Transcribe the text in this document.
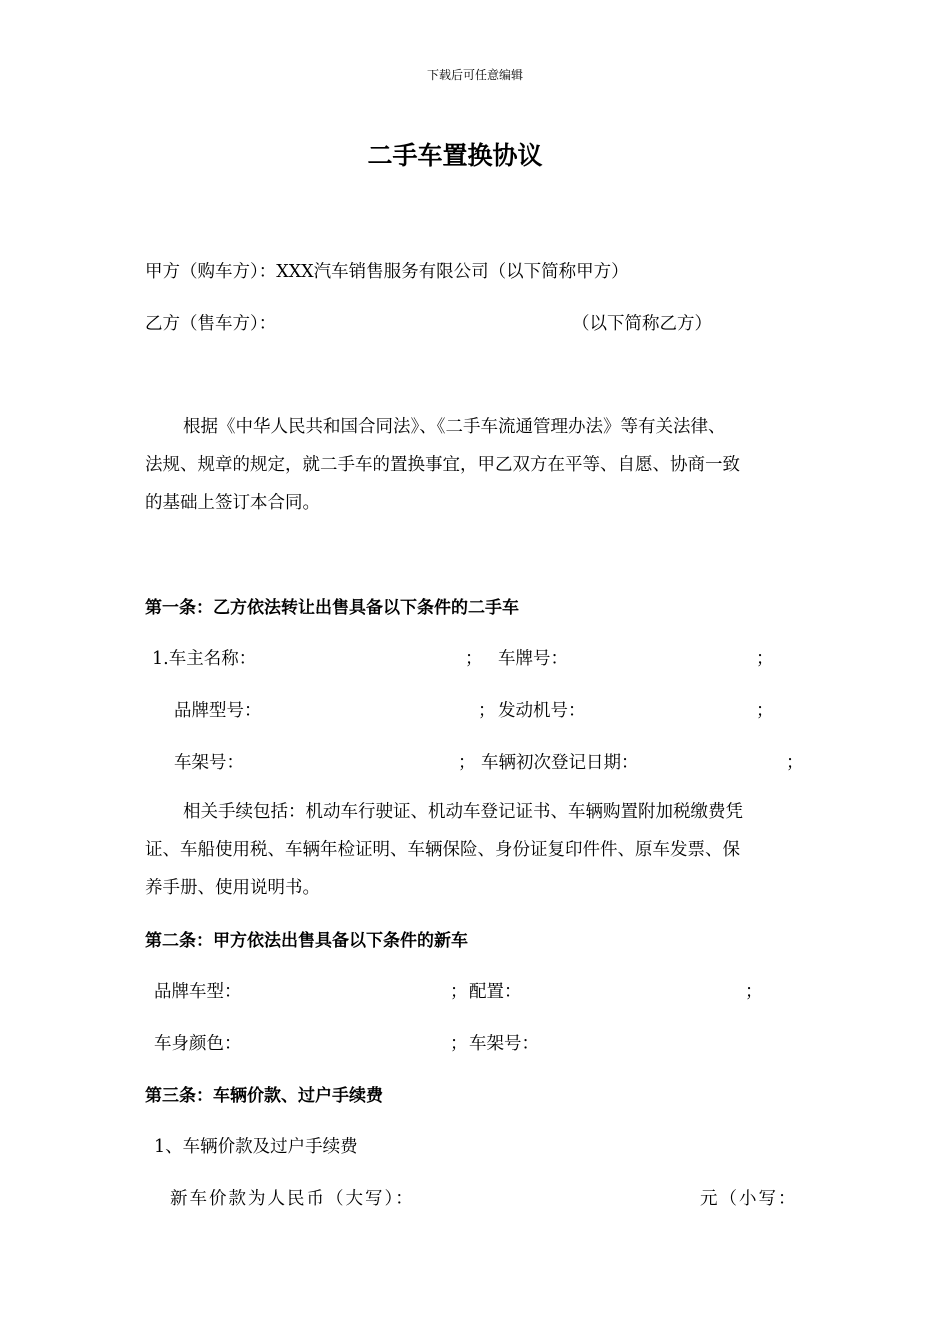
下载后可任意编辑
二手车置换协议
甲方（购车方）：XXX汽车销售服务有限公司（以下简称甲方）
乙方（售车方）：	（以下简称乙方）
根据《中华人民共和国合同法》、《二手车流通管理办法》等有关法律、
法规、规章的规定，就二手车的置换事宜，甲乙双方在平等、自愿、协商一致
的基础上签订本合同。
第一条：乙方依法转让出售具备以下条件的二手车
1.车主名称：	； 车牌号：	；
品牌型号：	； 发动机号：	；
车架号：	； 车辆初次登记日期：	；
相关手续包括：机动车行驶证、机动车登记证书、车辆购置附加税缴费凭
证、车船使用税、车辆年检证明、车辆保险、身份证复印件件、原车发票、保
养手册、使用说明书。
第二条：甲方依法出售具备以下条件的新车
品牌车型：	； 配置：	；
车身颜色：	； 车架号：
第三条：车辆价款、过户手续费
1、车辆价款及过户手续费
新车价款为人民币（大写）：	元（小写：
